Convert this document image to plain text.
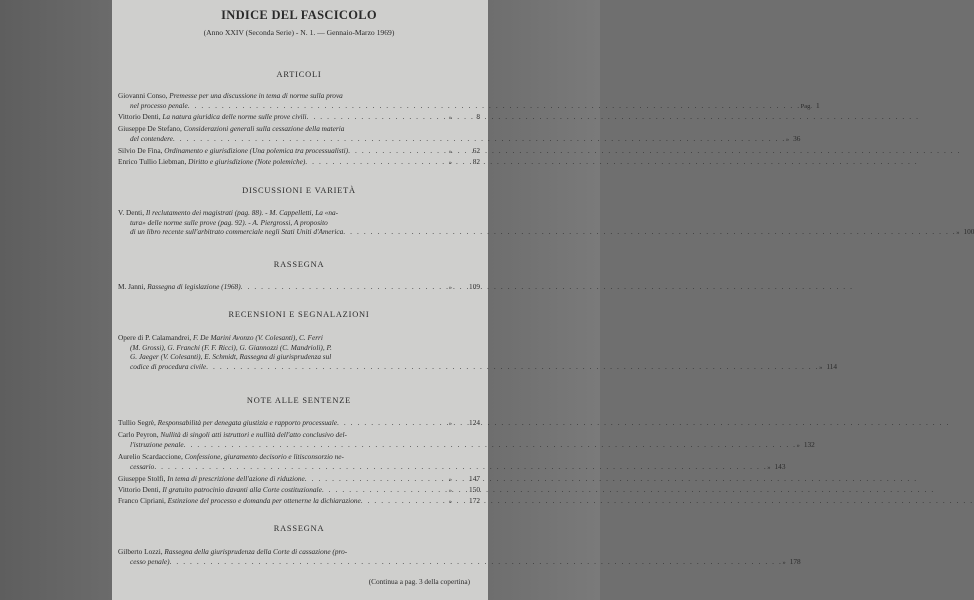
INDICE DEL FASCICOLO
(Anno XXIV (Seconda Serie) - N. 1. — Gennaio-Marzo 1969)
ARTICOLI
Giovanni Conso, Premesse per una discussione in tema di norme sulla prova
nel processo penale . . .	Pag. 1
Vittorio Denti, La natura giuridica delle norme sulle prove civili . . .	»	8
Giuseppe De Stefano, Considerazioni generali sulla cessazione della materia
del contendere . . .	» 36
Silvio De Fina, Ordinamento e giurisdizione (Una polemica tra processualisti) . . .	»	62
Enrico Tullio Liebman, Diritto e giurisdizione (Note polemiche) . . .	»	82
DISCUSSIONI E VARIETÀ
V. Denti, Il reclutamento dei magistrati (pag. 88). - M. Cappelletti, La «na-
tura» delle norme sulle prove (pag. 92). - A. Piergrossi, A proposito
di un libro recente sull'arbitrato commerciale negli Stati Uniti d'America . . .	» 100
RASSEGNA
M. Janni, Rassegna di legislazione (1968) . . .	»	109
RECENSIONI E SEGNALAZIONI
Opere di P. Calamandrei, F. De Marini Avonzo (V. Colesanti), C. Ferri
(M. Grossi), G. Franchi (F. F. Ricci), G. Giannozzi (C. Mandrioli), P.
G. Jaeger (V. Colesanti), E. Schmidt, Rassegna di giurisprudenza sul
codice di procedura civile . . .	» 114
NOTE ALLE SENTENZE
Tullio Segrè, Responsabilità per denegata giustizia e rapporto processuale . . .	»	124
Carlo Peyron, Nullità di singoli atti istruttori e nullità dell'atto conclusivo del-
l'istruzione penale . . .	» 132
Aurelio Scardaccione, Confessione, giuramento decisorio e litisconsorzio ne-
cessario . . .	» 143
Giuseppe Stolfi, In tema di prescrizione dell'azione di riduzione . . .	»	147
Vittorio Denti, Il gratuito patrocinio davanti alla Corte costituzionale . . .	»	150
Franco Cipriani, Estinzione del processo e domanda per ottenerne la dichiarazione . . .	»	172
RASSEGNA
Gilberto Lozzi, Rassegna della giurisprudenza della Corte di cassazione (pro-
cesso penale) . . .	» 178
(Continua a pag. 3 della copertina)
